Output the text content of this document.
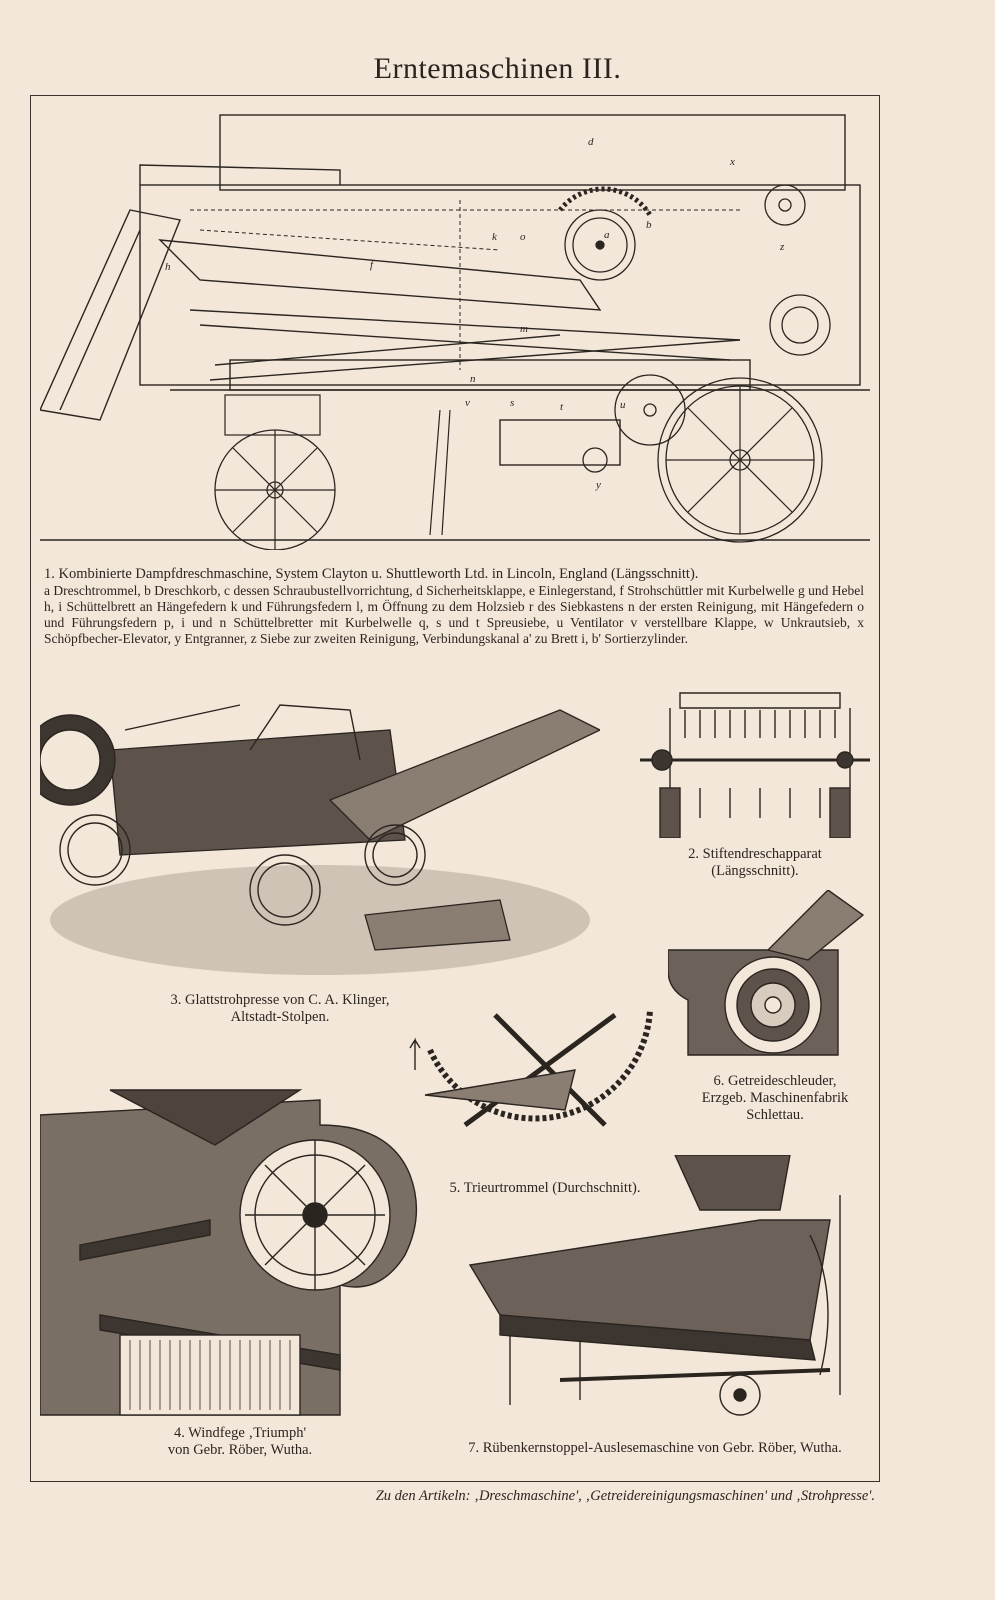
Erntemaschinen III.
d
x
k o	a
b
z
h	f
m
n
v	s	u
t
y
1. Kombinierte Dampfdreschmaschine, System Clayton u. Shuttleworth Ltd. in Lincoln, England (Längsschnitt).
a Dreschtrommel, b Dreschkorb, c dessen Schraubustellvorrichtung, d Sicherheitsklappe, e Einlegerstand, f Strohschüttler mit Kurbelwelle g und Hebel h, i Schüttelbrett an Hängefedern k und Führungsfedern l, m Öffnung zu dem Holzsieb r des Siebkastens n der ersten Reinigung, mit Hängefedern o und Führungsfedern p, i und n Schüttelbretter mit Kurbelwelle q, s und t Spreusiebe, u Ventilator v verstellbare Klappe, w Unkrautsieb, x Schöpfbecher-Elevator, y Entgranner, z Siebe zur zweiten Reinigung, Verbindungskanal a' zu Brett i, b' Sortierzylinder.
3. Glattstrohpresse von C. A. Klinger,
Altstadt-Stolpen.
2. Stiftendreschapparat
(Längsschnitt).
6. Getreideschleuder,
Erzgeb. Maschinenfabrik
Schlettau.
5. Trieurtrommel (Durchschnitt).
4. Windfege ‚Triumph'
von Gebr. Röber, Wutha.	7. Rübenkernstoppel-Auslesemaschine von Gebr. Röber, Wutha.
Zu den Artikeln: ‚Dreschmaschine', ‚Getreidereinigungsmaschinen' und ‚Strohpresse'.
